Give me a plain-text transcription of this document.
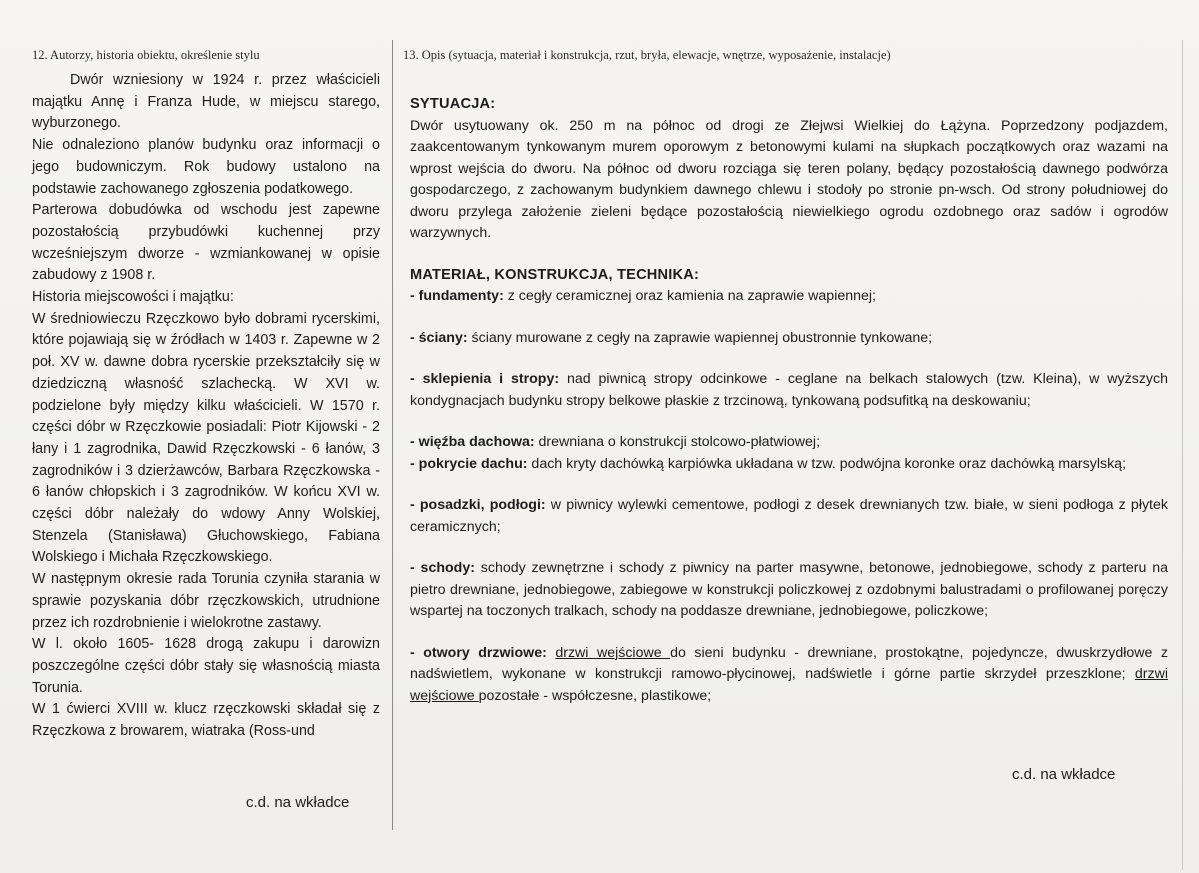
12. Autorzy, historia obiektu, określenie stylu	13. Opis (sytuacja, materiał i konstrukcja, rzut, bryła, elewacje, wnętrze, wyposażenie, instalacje)

Dwór wzniesiony w 1924 r. przez właścicieli majątku Annę i Franza Hude, w miejscu starego, wyburzonego.

Nie odnaleziono planów budynku oraz informacji o jego budowniczym. Rok budowy ustalono na podstawie zachowanego zgłoszenia podatkowego.

Parterowa dobudówka od wschodu jest zapewne pozostałością przybudówki kuchennej przy wcześniejszym dworze - wzmiankowanej w opisie zabudowy z 1908 r.

Historia miejscowości i majątku:

W średniowieczu Rzęczkowo było dobrami rycerskimi, które pojawiają się w źródłach w 1403 r. Zapewne w 2 poł. XV w. dawne dobra rycerskie przekształciły się w dziedziczną własność szlachecką. W XVI w. podzielone były między kilku właścicieli. W 1570 r. części dóbr w Rzęczkowie posiadali: Piotr Kijowski - 2 łany i 1 zagrodnika, Dawid Rzęczkowski - 6 łanów, 3 zagrodników i 3 dzierżawców, Barbara Rzęczkowska - 6 łanów chłopskich i 3 zagrodników. W końcu XVI w. części dóbr należały do wdowy Anny Wolskiej, Stenzela (Stanisława) Głuchowskiego, Fabiana Wolskiego i Michała Rzęczkowskiego.

W następnym okresie rada Torunia czyniła starania w sprawie pozyskania dóbr rzęczkowskich, utrudnione przez ich rozdrobnienie i wielokrotne zastawy.

W l. około 1605- 1628 drogą zakupu i darowizn poszczególne części dóbr stały się własnością miasta Torunia.

W 1 ćwierci XVIII w. klucz rzęczkowski składał się z Rzęczkowa z browarem, wiatraka (Ross-und

c.d. na wkładce

SYTUACJA:

Dwór usytuowany ok. 250 m na północ od drogi ze Złejwsi Wielkiej do Łążyna. Poprzedzony podjazdem, zaakcentowanym tynkowanym murem oporowym z betonowymi kulami na słupkach początkowych oraz wazami na wprost wejścia do dworu. Na północ od dworu rozciąga się teren polany, będący pozostałością dawnego podwórza gospodarczego, z zachowanym budynkiem dawnego chlewu i stodoły po stronie pn-wsch. Od strony południowej do dworu przylega założenie zieleni będące pozostałością niewielkiego ogrodu ozdobnego oraz sadów i ogrodów warzywnych.

MATERIAŁ, KONSTRUKCJA, TECHNIKA:

- fundamenty: z cegły ceramicznej oraz kamienia na zaprawie wapiennej;

- ściany: ściany murowane z cegły na zaprawie wapiennej obustronnie tynkowane;

- sklepienia i stropy: nad piwnicą stropy odcinkowe - ceglane na belkach stalowych (tzw. Kleina), w wyższych kondygnacjach budynku stropy belkowe płaskie z trzcinową, tynkowaną podsufitką na deskowaniu;

- więźba dachowa: drewniana o konstrukcji stolcowo-płatwiowej;

- pokrycie dachu: dach kryty dachówką karpiówka układana w tzw. podwójna koronke oraz dachówką marsylską;

- posadzki, podłogi: w piwnicy wylewki cementowe, podłogi z desek drewnianych tzw. białe, w sieni podłoga z płytek ceramicznych;

- schody: schody zewnętrzne i schody z piwnicy na parter masywne, betonowe, jednobiegowe, schody z parteru na pietro drewniane, jednobiegowe, zabiegowe w konstrukcji policzkowej z ozdobnymi balustradami o profilowanej poręczy wspartej na toczonych tralkach, schody na poddasze drewniane, jednobiegowe, policzkowe;

- otwory drzwiowe: drzwi wejściowe do sieni budynku - drewniane, prostokątne, pojedyncze, dwuskrzydłowe z nadświetlem, wykonane w konstrukcji ramowo-płycinowej, nadświetle i górne partie skrzydeł przeszklone; drzwi wejściowe pozostałe - współczesne, plastikowe;

c.d. na wkładce
